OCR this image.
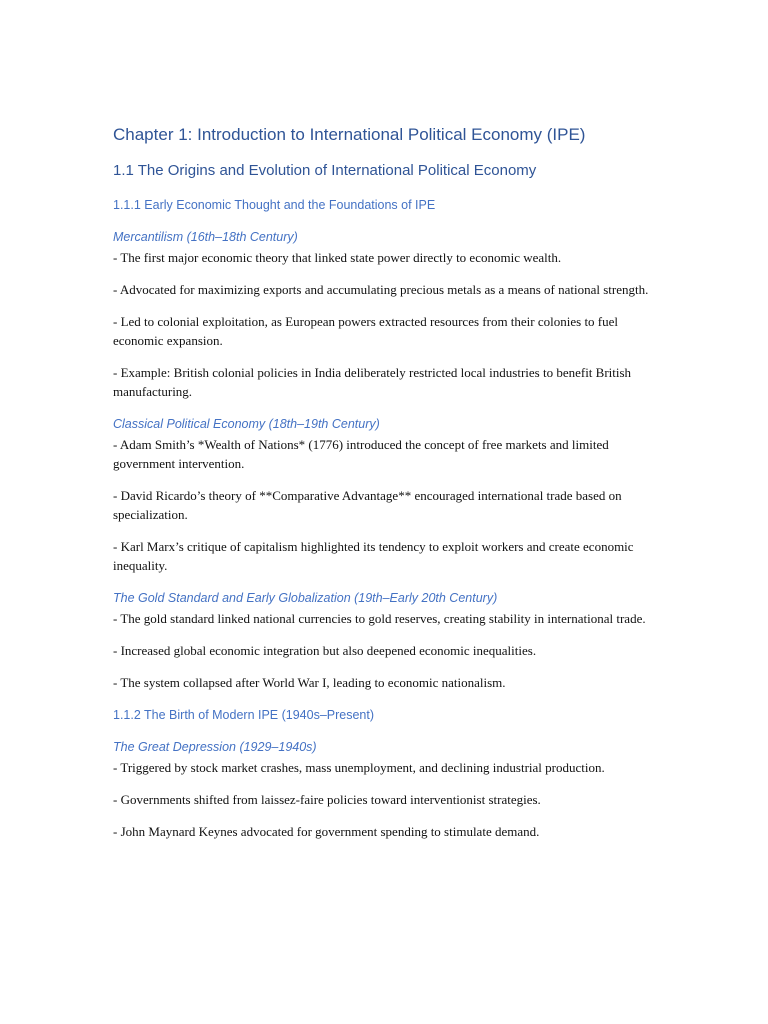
Chapter 1: Introduction to International Political Economy (IPE)
1.1 The Origins and Evolution of International Political Economy
1.1.1 Early Economic Thought and the Foundations of IPE
Mercantilism (16th–18th Century)
- The first major economic theory that linked state power directly to economic wealth.
- Advocated for maximizing exports and accumulating precious metals as a means of national strength.
- Led to colonial exploitation, as European powers extracted resources from their colonies to fuel economic expansion.
- Example: British colonial policies in India deliberately restricted local industries to benefit British manufacturing.
Classical Political Economy (18th–19th Century)
- Adam Smith’s *Wealth of Nations* (1776) introduced the concept of free markets and limited government intervention.
- David Ricardo’s theory of **Comparative Advantage** encouraged international trade based on specialization.
- Karl Marx’s critique of capitalism highlighted its tendency to exploit workers and create economic inequality.
The Gold Standard and Early Globalization (19th–Early 20th Century)
- The gold standard linked national currencies to gold reserves, creating stability in international trade.
- Increased global economic integration but also deepened economic inequalities.
- The system collapsed after World War I, leading to economic nationalism.
1.1.2 The Birth of Modern IPE (1940s–Present)
The Great Depression (1929–1940s)
- Triggered by stock market crashes, mass unemployment, and declining industrial production.
- Governments shifted from laissez-faire policies toward interventionist strategies.
- John Maynard Keynes advocated for government spending to stimulate demand.
